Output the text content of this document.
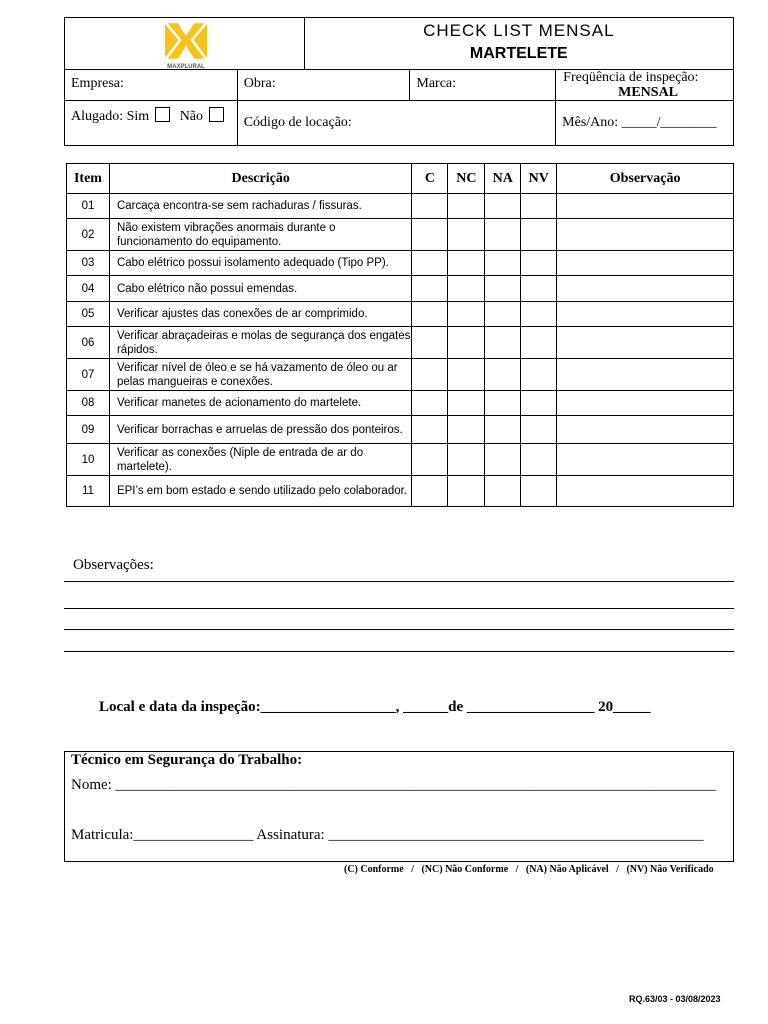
MAXPLURAL		CHECK LIST MENSAL
MARTELETE		

Empresa:	Obra:		Marca:	Freqüência de inspeção:
MENSAL

Alugado: Sim Não	Código de locação:			Mês/Ano: _____/________
Item	Descrição	C	NC	NA	NV	Observação
01	Carcaça encontra-se sem rachaduras / fissuras.					
02	Não existem vibrações anormais durante o funcionamento do equipamento.					
03	Cabo elétrico possui isolamento adequado (Tipo PP).					
04	Cabo elétrico não possui emendas.					
05	Verificar ajustes das conexões de ar comprimido.					
06	Verificar abraçadeiras e molas de segurança dos engates rápidos.					
07	Verificar nível de óleo e se há vazamento de óleo ou ar pelas mangueiras e conexões.					
08	Verificar manetes de acionamento do martelete.					
09	Verificar borrachas e arruelas de pressão dos ponteiros.					
10	Verificar as conexões (Niple de entrada de ar do martelete).					
11	EPI’s em bom estado e sendo utilizado pelo colaborador.					
Observações:
Local e data da inspeção:__________________, ______de _________________ 20_____
Técnico em Segurança do Trabalho:
Nome: ________________________________________________________________________________
Matricula:________________ Assinatura: __________________________________________________
(C) Conforme   /   (NC) Não Conforme   /   (NA) Não Aplicável   /   (NV) Não Verificado
RQ.63/03 - 03/08/2023
